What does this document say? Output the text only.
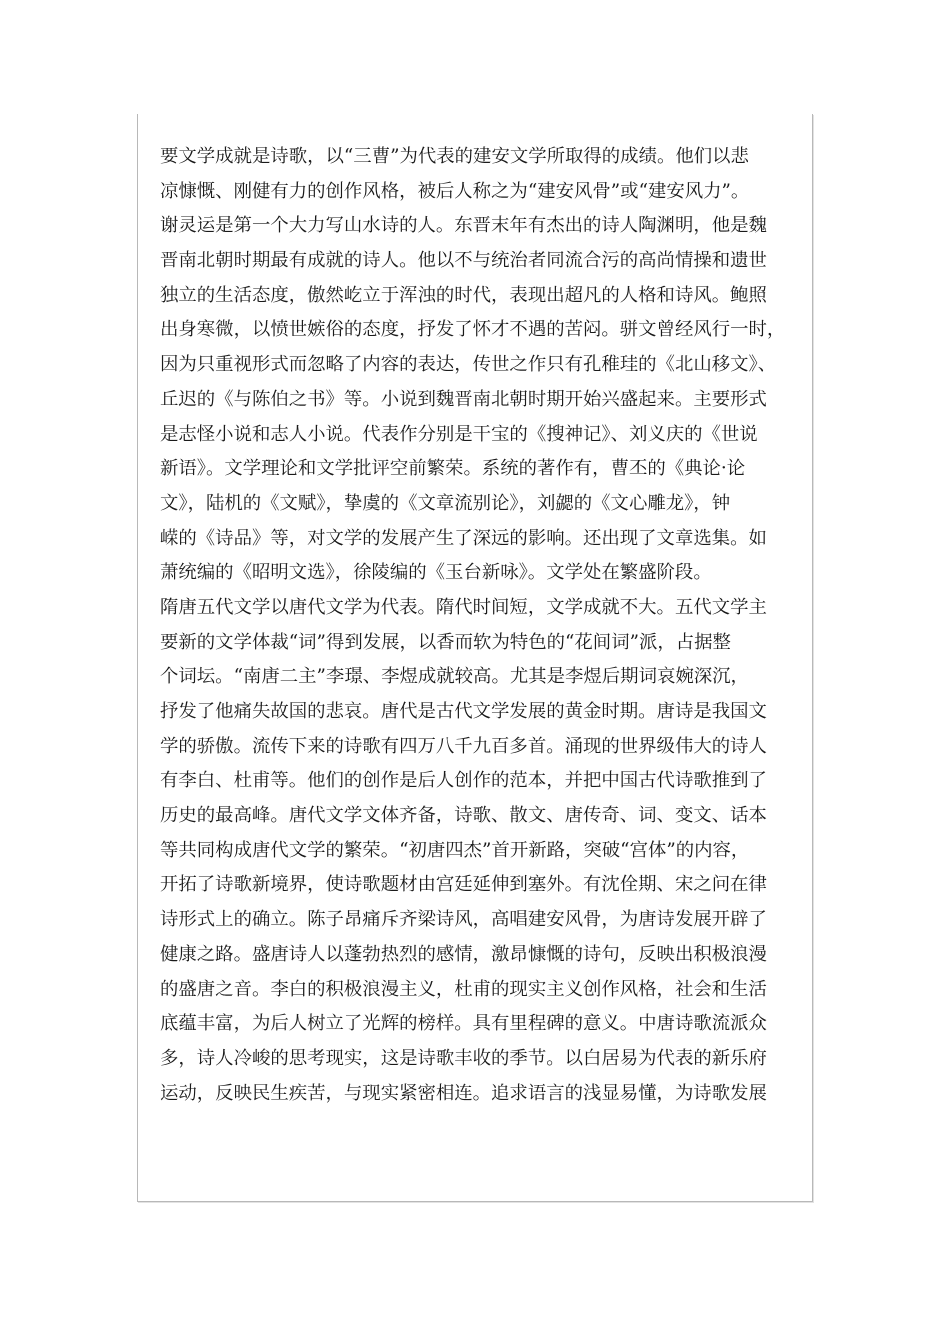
要文学成就是诗歌，以“三曹”为代表的建安文学所取得的成绩。他们以悲
凉慷慨、刚健有力的创作风格，被后人称之为“建安风骨”或“建安风力”。
谢灵运是第一个大力写山水诗的人。东晋末年有杰出的诗人陶渊明，他是魏
晋南北朝时期最有成就的诗人。他以不与统治者同流合污的高尚情操和遗世
独立的生活态度，傲然屹立于浑浊的时代，表现出超凡的人格和诗风。鲍照
出身寒微，以愤世嫉俗的态度，抒发了怀才不遇的苦闷。骈文曾经风行一时，
因为只重视形式而忽略了内容的表达，传世之作只有孔稚珪的《北山移文》、
丘迟的《与陈伯之书》等。小说到魏晋南北朝时期开始兴盛起来。主要形式
是志怪小说和志人小说。代表作分别是干宝的《搜神记》、刘义庆的《世说
新语》。文学理论和文学批评空前繁荣。系统的著作有，曹丕的《典论·论
文》，陆机的《文赋》，挚虞的《文章流别论》，刘勰的《文心雕龙》，钟
嵘的《诗品》等，对文学的发展产生了深远的影响。还出现了文章选集。如
萧统编的《昭明文选》，徐陵编的《玉台新咏》。文学处在繁盛阶段。
隋唐五代文学以唐代文学为代表。隋代时间短，文学成就不大。五代文学主
要新的文学体裁“词”得到发展，以香而软为特色的“花间词”派，占据整
个词坛。“南唐二主”李璟、李煜成就较高。尤其是李煜后期词哀婉深沉，
抒发了他痛失故国的悲哀。唐代是古代文学发展的黄金时期。唐诗是我国文
学的骄傲。流传下来的诗歌有四万八千九百多首。涌现的世界级伟大的诗人
有李白、杜甫等。他们的创作是后人创作的范本，并把中国古代诗歌推到了
历史的最高峰。唐代文学文体齐备，诗歌、散文、唐传奇、词、变文、话本
等共同构成唐代文学的繁荣。“初唐四杰”首开新路，突破“宫体”的内容，
开拓了诗歌新境界，使诗歌题材由宫廷延伸到塞外。有沈佺期、宋之问在律
诗形式上的确立。陈子昂痛斥齐梁诗风，高唱建安风骨，为唐诗发展开辟了
健康之路。盛唐诗人以蓬勃热烈的感情，激昂慷慨的诗句，反映出积极浪漫
的盛唐之音。李白的积极浪漫主义，杜甫的现实主义创作风格，社会和生活
底蕴丰富，为后人树立了光辉的榜样。具有里程碑的意义。中唐诗歌流派众
多，诗人冷峻的思考现实，这是诗歌丰收的季节。以白居易为代表的新乐府
运动，反映民生疾苦，与现实紧密相连。追求语言的浅显易懂，为诗歌发展
